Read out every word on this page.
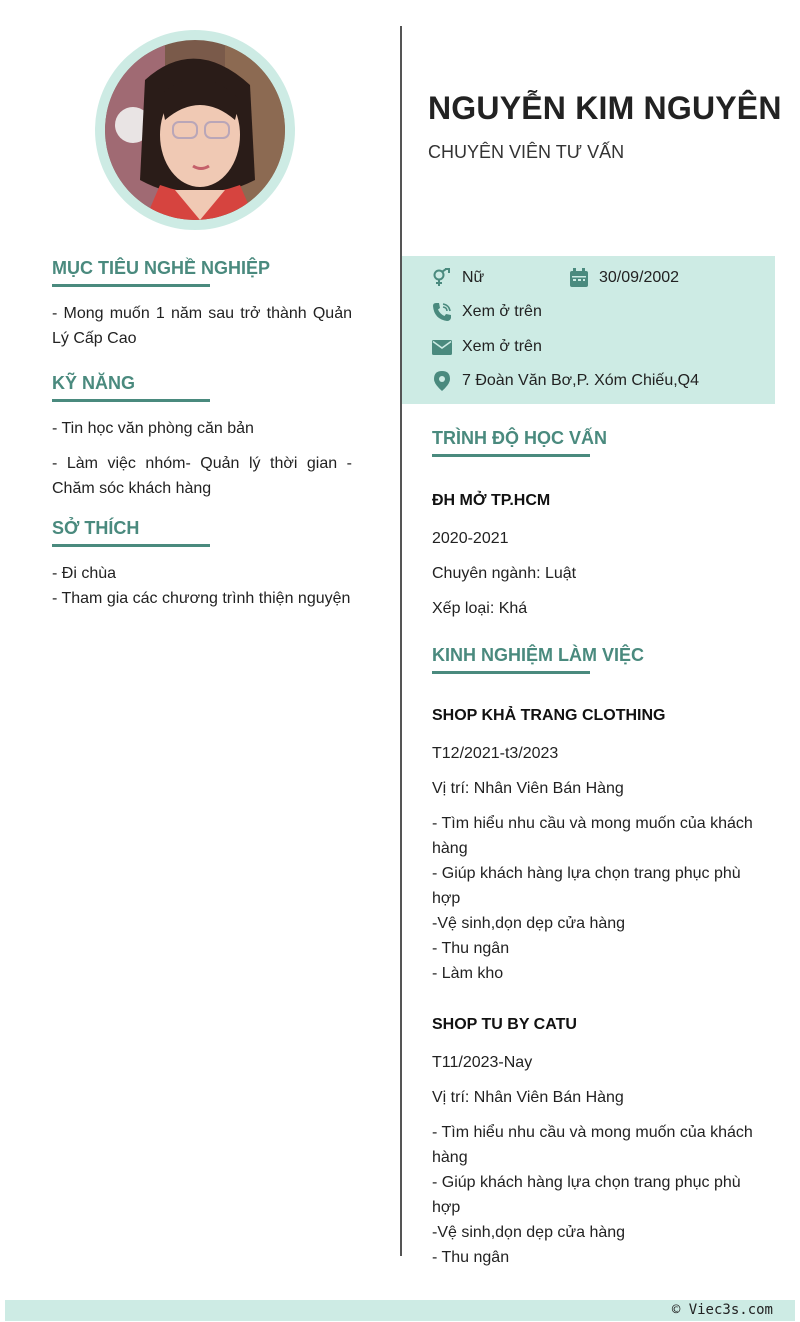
MỤC TIÊU NGHỀ NGHIỆP
- Mong muốn 1 năm sau trở thành Quản Lý Cấp Cao
KỸ NĂNG
- Tin học văn phòng căn bản
- Làm việc nhóm- Quản lý thời gian - Chăm sóc khách hàng
SỞ THÍCH
- Đi chùa
- Tham gia các chương trình thiện nguyện
NGUYỄN KIM NGUYÊN
CHUYÊN VIÊN TƯ VẤN
Nữ	30/09/2002
Xem ở trên
Xem ở trên
7 Đoàn Văn Bơ,P. Xóm Chiếu,Q4
TRÌNH ĐỘ HỌC VẤN
ĐH MỞ TP.HCM
2020-2021
Chuyên ngành: Luật
Xếp loại: Khá
KINH NGHIỆM LÀM VIỆC
SHOP KHẢ TRANG CLOTHING
T12/2021-t3/2023
Vị trí: Nhân Viên Bán Hàng
- Tìm hiểu nhu cầu và mong muốn của khách hàng
- Giúp khách hàng lựa chọn trang phục phù hợp
-Vệ sinh,dọn dẹp cửa hàng
- Thu ngân
- Làm kho
SHOP TU BY CATU
T11/2023-Nay
Vị trí: Nhân Viên Bán Hàng
- Tìm hiểu nhu cầu và mong muốn của khách hàng
- Giúp khách hàng lựa chọn trang phục phù hợp
-Vệ sinh,dọn dẹp cửa hàng
- Thu ngân
© Viec3s.com
